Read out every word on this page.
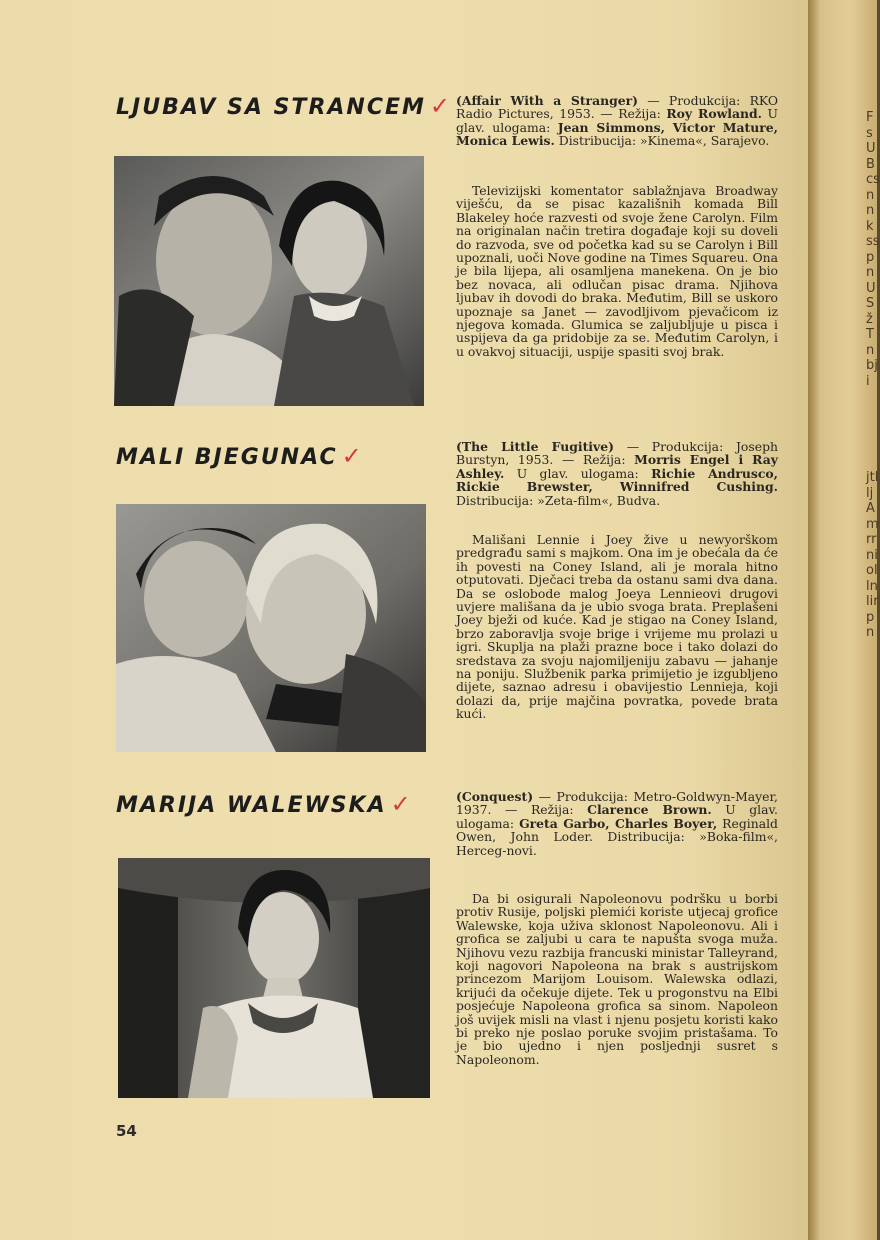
LJUBAV SA STRANCEM ✓ (Affair With a Stranger) — Produkcija: RKO Radio Pictures, 1953. — Režija: Roy Rowland. U glav. ulogama: Jean Simmons, Victor Mature, Monica Lewis. Distribucija: »Kinema«, Sarajevo.

Televizijski komentator sablažnjava Broadway viješću, da se pisac kazališnih komada Bill Blakeley hoće razvesti od svoje žene Carolyn. Film na originalan način tretira događaje koji su doveli do razvoda, sve od početka kad su se Carolyn i Bill upoznali, uoči Nove godine na Times Squareu. Ona je bila lijepa, ali osamljena manekena. On je bio bez novaca, ali odlučan pisac drama. Njihova ljubav ih dovodi do braka. Međutim, Bill se uskoro upoznaje sa Janet — zavodljivom pjevačicom iz njegova komada. Glumica se zaljubljuje u pisca i uspijeva da ga pridobije za se. Međutim Carolyn, i u ovakvoj situaciji, uspije spasiti svoj brak.

MALI BJEGUNAC ✓	(The Little Fugitive) — Produkcija: Joseph Burstyn, 1953. — Režija: Morris Engel i Ray Ashley. U glav. ulogama: Richie Andrusco, Rickie Brewster, Winnifred Cushing. Distribucija: »Zeta-film«, Budva.

Mališani Lennie i Joey žive u newyorškom predgrađu sami s majkom. Ona im je obećala da će ih povesti na Coney Island, ali je morala hitno otputovati. Dječaci treba da ostanu sami dva dana. Da se oslobode malog Joeya Lennieovi drugovi uvjere mališana da je ubio svoga brata. Preplašeni Joey bježi od kuće. Kad je stigao na Coney Island, brzo zaboravlja svoje brige i vrijeme mu prolazi u igri. Skuplja na plaži prazne boce i tako dolazi do sredstava za svoju najomiljeniju zabavu — jahanje na poniju. Službenik parka primijetio je izgubljeno dijete, saznao adresu i obavijestio Lennieja, koji dolazi da, prije majčina povratka, povede brata kući.

MARIJA WALEWSKA ✓	(Conquest) — Produkcija: Metro-Goldwyn-Mayer, 1937. — Režija: Clarence Brown. U glav. ulogama: Greta Garbo, Charles Boyer, Reginald Owen, John Loder. Distribucija: »Boka-film«, Herceg-novi.

Da bi osigurali Napoleonovu podršku u borbi protiv Rusije, poljski plemići koriste utjecaj grofice Walewske, koja uživa sklonost Napoleonovu. Ali i grofica se zaljubi u cara te napušta svoga muža. Njihovu vezu razbija francuski ministar Talleyrand, koji nagovori Napoleona na brak s austrijskom princezom Marijom Louisom. Walewska odlazi, krijući da očekuje dijete. Tek u progonstvu na Elbi posjećuje Napoleona grofica sa sinom. Napoleon još uvijek misli na vlast i njenu posjetu koristi kako bi preko nje poslao poruke svojim pristašama. To je bio ujedno i njen posljednji susret s Napoleonom.

54

FsUBcsnnksspnUSžTnbji
jtlljAmrrniollnlirpn
